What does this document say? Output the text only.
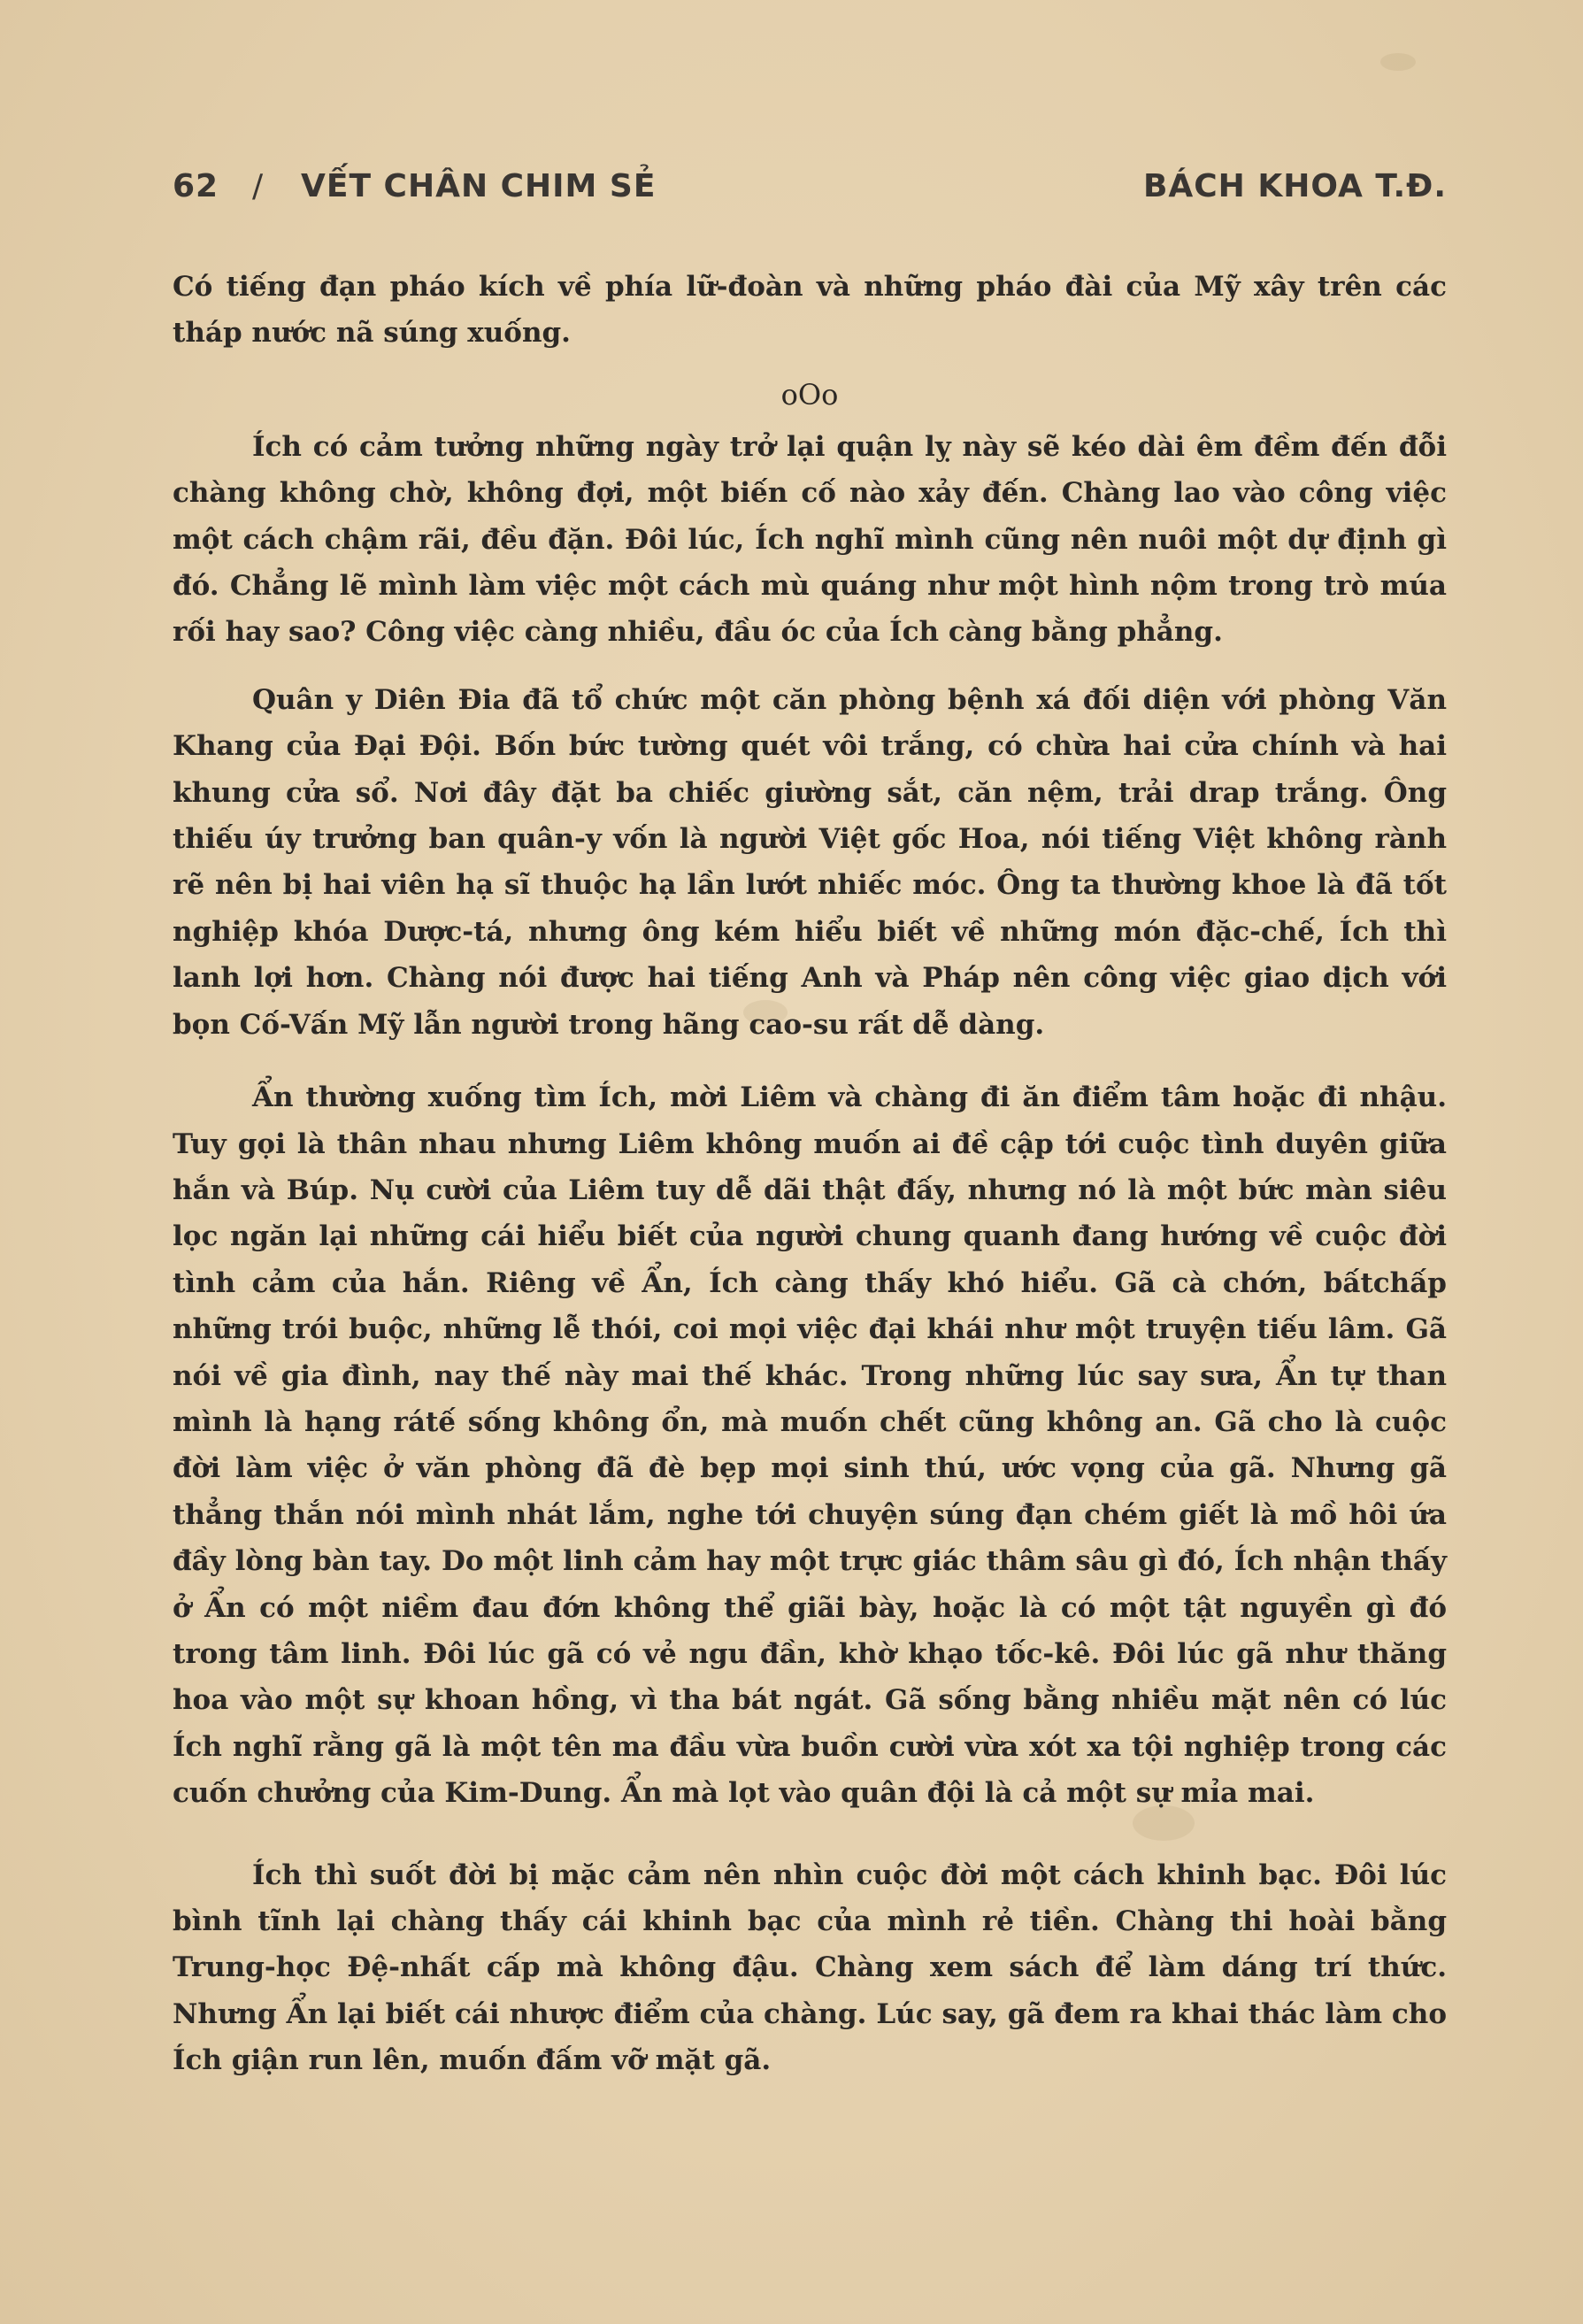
62 / VẾT CHÂN CHIM SẺ	BÁCH KHOA T.Đ.

Có tiếng đạn pháo kích về phía lữ-đoàn và những pháo đài của Mỹ xây trên các tháp nước nã súng xuống.

oOo

Ích có cảm tưởng những ngày trở lại quận lỵ này sẽ kéo dài êm đềm đến đỗi chàng không chờ, không đợi, một biến cố nào xảy đến. Chàng lao vào công việc một cách chậm rãi, đều đặn. Đôi lúc, Ích nghĩ mình cũng nên nuôi một dự định gì đó. Chẳng lẽ mình làm việc một cách mù quáng như một hình nộm trong trò múa rối hay sao? Công việc càng nhiều, đầu óc của Ích càng bằng phẳng.

Quân y Diên Đia đã tổ chức một căn phòng bệnh xá đối diện với phòng Văn Khang của Đại Đội. Bốn bức tường quét vôi trắng, có chừa hai cửa chính và hai khung cửa sổ. Nơi đây đặt ba chiếc giường sắt, căn nệm, trải drap trắng. Ông thiếu úy trưởng ban quân-y vốn là người Việt gốc Hoa, nói tiếng Việt không rành rẽ nên bị hai viên hạ sĩ thuộc hạ lần lướt nhiếc móc. Ông ta thường khoe là đã tốt nghiệp khóa Dược-tá, nhưng ông kém hiểu biết về những món đặc-chế, Ích thì lanh lợi hơn. Chàng nói được hai tiếng Anh và Pháp nên công việc giao dịch với bọn Cố-Vấn Mỹ lẫn người trong hãng cao-su rất dễ dàng.

Ẩn thường xuống tìm Ích, mời Liêm và chàng đi ăn điểm tâm hoặc đi nhậu. Tuy gọi là thân nhau nhưng Liêm không muốn ai đề cập tới cuộc tình duyên giữa hắn và Búp. Nụ cười của Liêm tuy dễ dãi thật đấy, nhưng nó là một bức màn siêu lọc ngăn lại những cái hiểu biết của người chung quanh đang hướng về cuộc đời tình cảm của hắn. Riêng về Ẩn, Ích càng thấy khó hiểu. Gã cà chớn, bấtchấp những trói buộc, những lễ thói, coi mọi việc đại khái như một truyện tiếu lâm. Gã nói về gia đình, nay thế này mai thế khác. Trong những lúc say sưa, Ẩn tự than mình là hạng rátế sống không ổn, mà muốn chết cũng không an. Gã cho là cuộc đời làm việc ở văn phòng đã đè bẹp mọi sinh thú, ước vọng của gã. Nhưng gã thẳng thắn nói mình nhát lắm, nghe tới chuyện súng đạn chém giết là mồ hôi ứa đầy lòng bàn tay. Do một linh cảm hay một trực giác thâm sâu gì đó, Ích nhận thấy ở Ẩn có một niềm đau đớn không thể giãi bày, hoặc là có một tật nguyền gì đó trong tâm linh. Đôi lúc gã có vẻ ngu đần, khờ khạo tốc-kê. Đôi lúc gã như thăng hoa vào một sự khoan hồng, vì tha bát ngát. Gã sống bằng nhiều mặt nên có lúc Ích nghĩ rằng gã là một tên ma đầu vừa buồn cười vừa xót xa tội nghiệp trong các cuốn chưởng của Kim-Dung. Ẩn mà lọt vào quân đội là cả một sự mỉa mai.

Ích thì suốt đời bị mặc cảm nên nhìn cuộc đời một cách khinh bạc. Đôi lúc bình tĩnh lại chàng thấy cái khinh bạc của mình rẻ tiền. Chàng thi hoài bằng Trung-học Đệ-nhất cấp mà không đậu. Chàng xem sách để làm dáng trí thức. Nhưng Ẩn lại biết cái nhược điểm của chàng. Lúc say, gã đem ra khai thác làm cho Ích giận run lên, muốn đấm vỡ mặt gã.
